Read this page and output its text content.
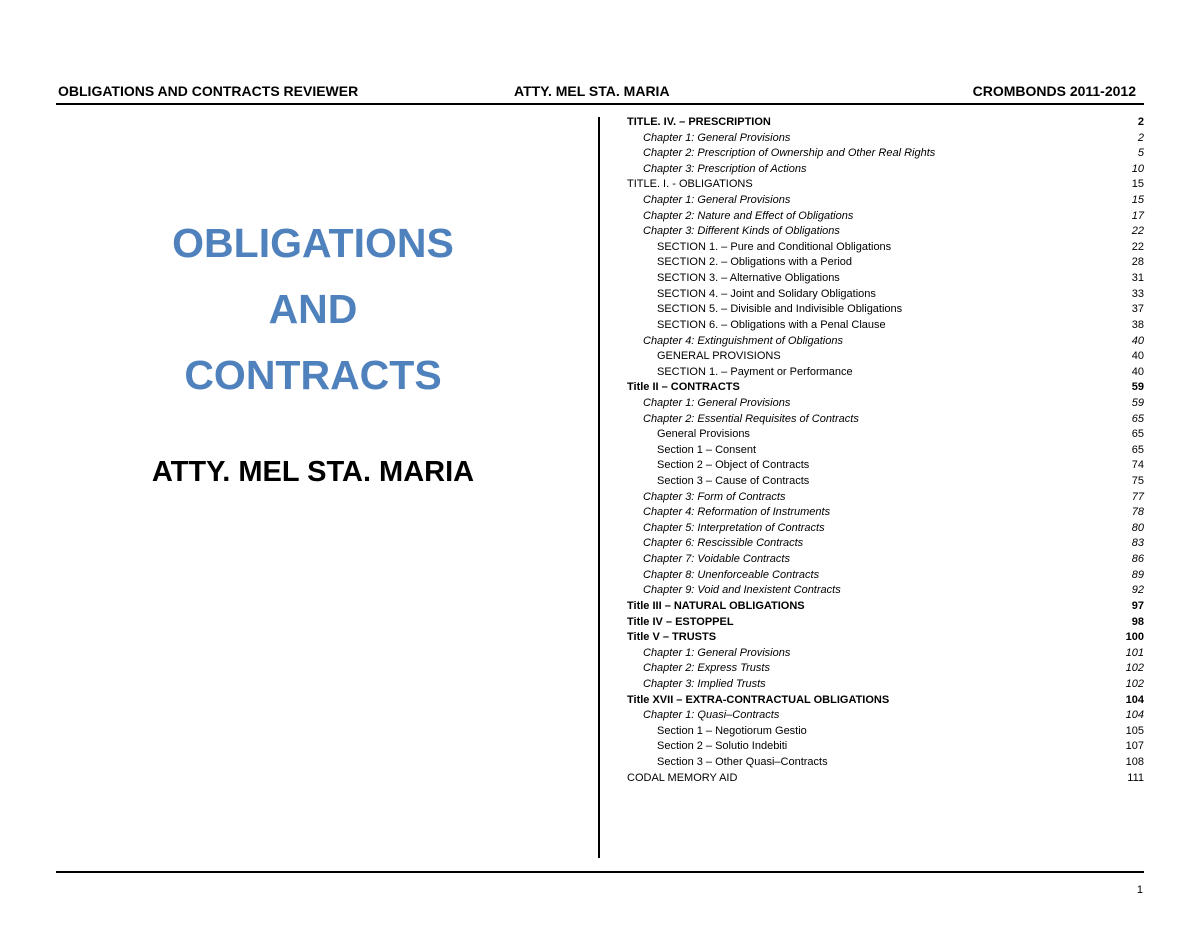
OBLIGATIONS AND CONTRACTS REVIEWER	ATTY. MEL STA. MARIA	CROMBONDS 2011-2012
OBLIGATIONS
AND
CONTRACTS
ATTY. MEL STA. MARIA
TITLE. IV. – PRESCRIPTION	2
Chapter 1: General Provisions	2
Chapter 2: Prescription of Ownership and Other Real Rights	5
Chapter 3: Prescription of Actions	10
TITLE. I. - OBLIGATIONS	15
Chapter 1: General Provisions	15
Chapter 2: Nature and Effect of Obligations	17
Chapter 3: Different Kinds of Obligations	22
SECTION 1. – Pure and Conditional Obligations	22
SECTION 2. – Obligations with a Period	28
SECTION 3. – Alternative Obligations	31
SECTION 4. – Joint and Solidary Obligations	33
SECTION 5. – Divisible and Indivisible Obligations	37
SECTION 6. – Obligations with a Penal Clause	38
Chapter 4: Extinguishment of Obligations	40
GENERAL PROVISIONS	40
SECTION 1. – Payment or Performance	40
Title II – CONTRACTS	59
Chapter 1: General Provisions	59
Chapter 2: Essential Requisites of Contracts	65
General Provisions	65
Section 1 – Consent	65
Section 2 – Object of Contracts	74
Section 3 – Cause of Contracts	75
Chapter 3: Form of Contracts	77
Chapter 4: Reformation of Instruments	78
Chapter 5: Interpretation of Contracts	80
Chapter 6: Rescissible Contracts	83
Chapter 7: Voidable Contracts	86
Chapter 8: Unenforceable Contracts	89
Chapter 9: Void and Inexistent Contracts	92
Title III – NATURAL OBLIGATIONS	97
Title IV – ESTOPPEL	98
Title V – TRUSTS	100
Chapter 1: General Provisions	101
Chapter 2: Express Trusts	102
Chapter 3: Implied Trusts	102
Title XVII – EXTRA-CONTRACTUAL OBLIGATIONS	104
Chapter 1: Quasi–Contracts	104
Section 1 – Negotiorum Gestio	105
Section 2 – Solutio Indebiti	107
Section 3 – Other Quasi–Contracts	108
CODAL MEMORY AID	111
1
